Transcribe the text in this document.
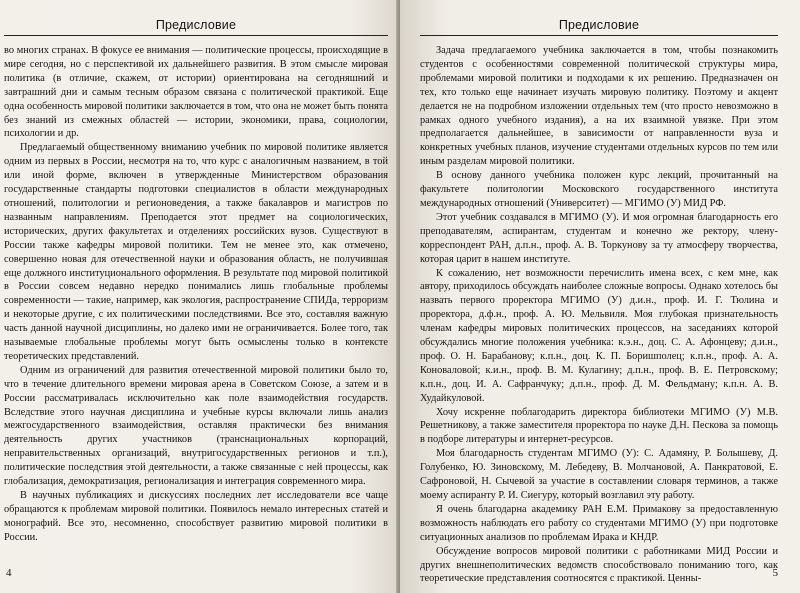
Предисловие

во многих странах. В фокусе ее внимания — политические процессы, происходящие в мире сегодня, но с перспективой их дальнейшего развития. В этом смысле мировая политика (в отличие, скажем, от истории) ориентирована на сегодняшний и завтрашний дни и самым тесным образом связана с политической практикой. Еще одна особенность мировой политики заключается в том, что она не может быть понята без знаний из смежных областей — истории, экономики, права, социологии, психологии и др.

Предлагаемый общественному вниманию учебник по мировой политике является одним из первых в России, несмотря на то, что курс с аналогичным названием, в той или иной форме, включен в утвержденные Министерством образования государственные стандарты подготовки специалистов в области международных отношений, политологии и регионоведения, а также бакалавров и магистров по названным направлениям. Преподается этот предмет на социологических, исторических, других факультетах и отделениях российских вузов. Существуют в России также кафедры мировой политики. Тем не менее это, как отмечено, совершенно новая для отечественной науки и образования область, не получившая еще должного институционального оформления. В результате под мировой политикой в России совсем недавно нередко понимались лишь глобальные проблемы современности — такие, например, как экология, распространение СПИДа, терроризм и некоторые другие, с их политическими последствиями. Все это, составляя важную часть данной научной дисциплины, но далеко ими не ограничивается. Более того, так называемые глобальные проблемы могут быть осмыслены только в контексте теоретических представлений.

Одним из ограничений для развития отечественной мировой политики было то, что в течение длительного времени мировая арена в Советском Союзе, а затем и в России рассматривалась исключительно как поле взаимодействия государств. Вследствие этого научная дисциплина и учебные курсы включали лишь анализ межгосударственного взаимодействия, оставляя практически без внимания деятельность других участников (транснациональных корпораций, неправительственных организаций, внутригосударственных регионов и т.п.), политические последствия этой деятельности, а также связанные с ней процессы, как глобализация, демократизация, регионализация и интеграция современного мира.

В научных публикациях и дискуссиях последних лет исследователи все чаще обращаются к проблемам мировой политики. Появилось немало интересных статей и монографий. Все это, несомненно, способствует развитию мировой политики в России.

4
Предисловие

Задача предлагаемого учебника заключается в том, чтобы познакомить студентов с особенностями современной политической структуры мира, проблемами мировой политики и подходами к их решению. Предназначен он тех, кто только еще начинает изучать мировую политику. Поэтому и акцент делается не на подробном изложении отдельных тем (что просто невозможно в рамках одного учебного издания), а на их взаимной увязке. При этом предполагается дальнейшее, в зависимости от направленности вуза и конкретных учебных планов, изучение студентами отдельных курсов по тем или иным разделам мировой политики.

В основу данного учебника положен курс лекций, прочитанный на факультете политологии Московского государственного института международных отношений (Университет) — МГИМО (У) МИД РФ.

Этот учебник создавался в МГИМО (У). И моя огромная благодарность его преподавателям, аспирантам, студентам и конечно же ректору, члену-корреспондент РАН, д.п.н., проф. А. В. Торкунову за ту атмосферу творчества, которая царит в нашем институте.

К сожалению, нет возможности перечислить имена всех, с кем мне, как автору, приходилось обсуждать наиболее сложные вопросы. Однако хотелось бы назвать первого проректора МГИМО (У) д.и.н., проф. И. Г. Тюлина и проректора, д.ф.н., проф. А. Ю. Мельвиля. Моя глубокая признательность членам кафедры мировых политических процессов, на заседаниях которой обсуждались многие положения учебника: к.э.н., доц. С. А. Афонцеву; д.и.н., проф. О. Н. Барабанову; к.п.н., доц. К. П. Боришполец; к.п.н., проф. А. А. Коноваловой; к.и.н., проф. В. М. Кулагину; д.п.н., проф. В. Е. Петровскому; к.п.н., доц. И. А. Сафранчуку; д.п.н., проф. Д. М. Фельдману; к.п.н. А. В. Худайкуловой.

Хочу искренне поблагодарить директора библиотеки МГИМО (У) М.В. Решетникову, а также заместителя проректора по науке Д.Н. Пескова за помощь в подборе литературы и интернет-ресурсов.

Моя благодарность студентам МГИМО (У): С. Адамяну, Р. Болышеву, Д. Голубенко, Ю. Зиновскому, М. Лебедеву, В. Молчановой, А. Панкратовой, Е. Сафроновой, Н. Сычевой за участие в составлении словаря терминов, а также моему аспиранту Р. И. Сиегуру, который возглавил эту работу.

Я очень благодарна академику РАН Е.М. Примакову за предоставленную возможность наблюдать его работу со студентами МГИМО (У) при подготовке ситуационных анализов по проблемам Ирака и КНДР.

Обсуждение вопросов мировой политики с работниками МИД России и других внешнеполитических ведомств способствовало пониманию того, как теоретические представления соотносятся с практикой. Ценны-	5
